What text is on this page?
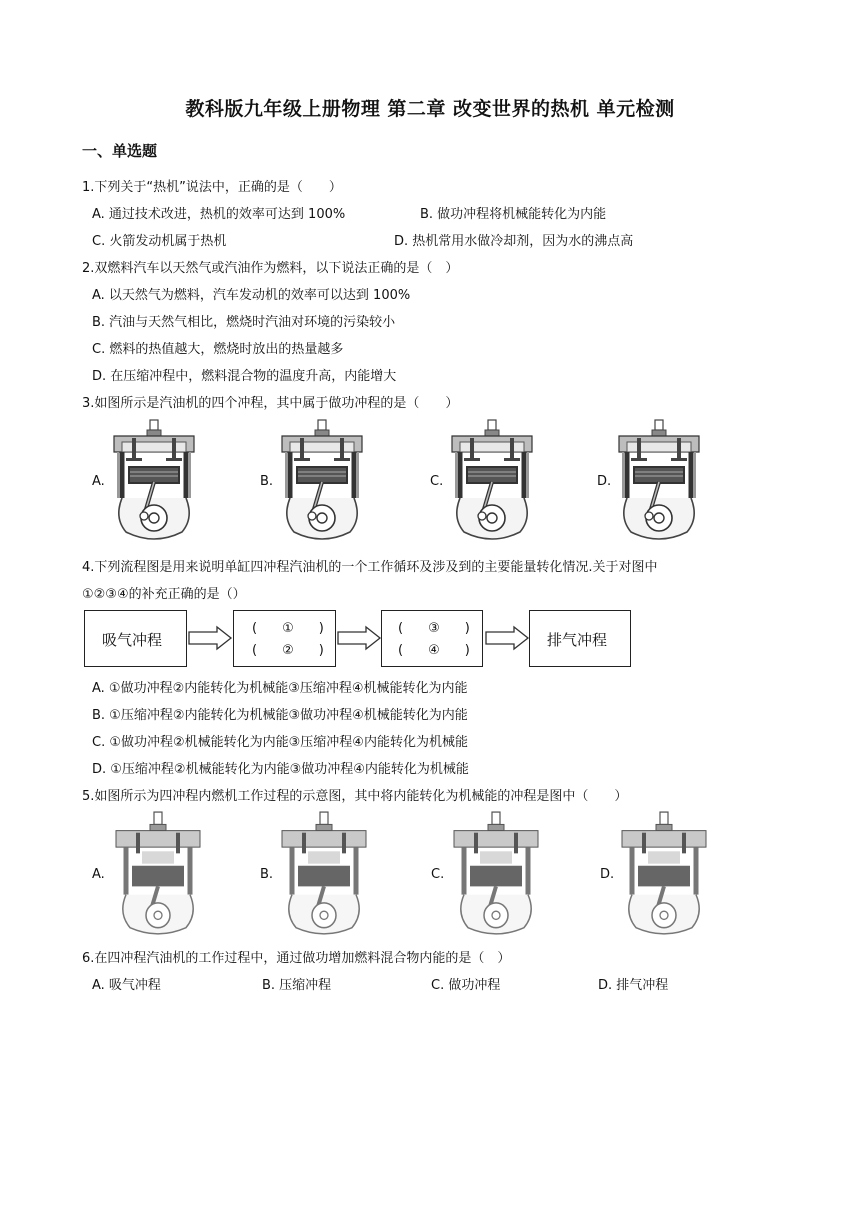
教科版九年级上册物理 第二章 改变世界的热机 单元检测
一、单选题
1.下列关于“热机”说法中，正确的是（　　）
A. 通过技术改进，热机的效率可达到 100%	B. 做功冲程将机械能转化为内能
C. 火箭发动机属于热机	D. 热机常用水做冷却剂，因为水的沸点高
2.双燃料汽车以天然气或汽油作为燃料，以下说法正确的是（　）
A. 以天然气为燃料，汽车发动机的效率可以达到 100%
B. 汽油与天然气相比，燃烧时汽油对环境的污染较小
C. 燃料的热值越大，燃烧时放出的热量越多
D. 在压缩冲程中，燃料混合物的温度升高，内能增大
3.如图所示是汽油机的四个冲程，其中属于做功冲程的是（　　）
A.	B.	C.	D.
4.下列流程图是用来说明单缸四冲程汽油机的一个工作循环及涉及到的主要能量转化情况.关于对图中
①②③④的补充正确的是（）
吸气冲程
(　①　)
(　②　)
(　③　)
(　④　)
排气冲程
A. ①做功冲程②内能转化为机械能③压缩冲程④机械能转化为内能
B. ①压缩冲程②内能转化为机械能③做功冲程④机械能转化为内能
C. ①做功冲程②机械能转化为内能③压缩冲程④内能转化为机械能
D. ①压缩冲程②机械能转化为内能③做功冲程④内能转化为机械能
5.如图所示为四冲程内燃机工作过程的示意图，其中将内能转化为机械能的冲程是图中（　　）
A.	B.	C.	D.
6.在四冲程汽油机的工作过程中，通过做功增加燃料混合物内能的是（　）
A. 吸气冲程	B. 压缩冲程	C. 做功冲程	D. 排气冲程
